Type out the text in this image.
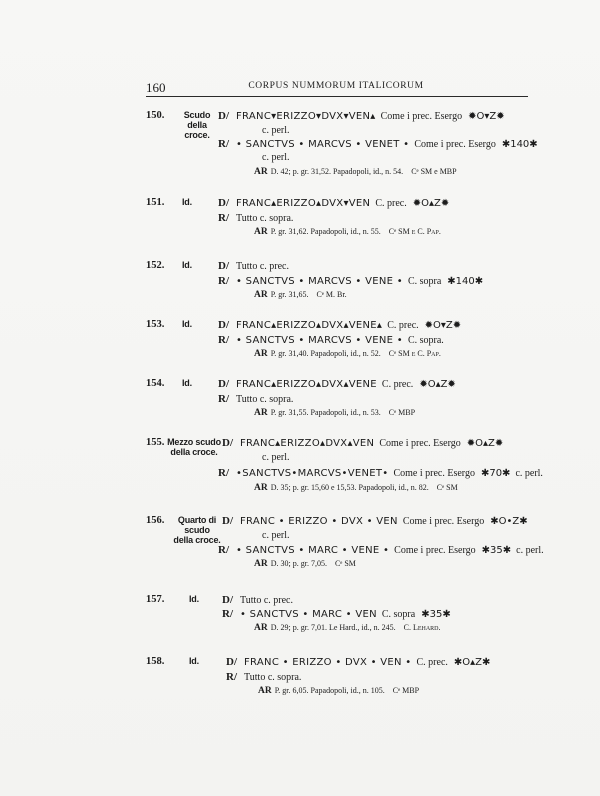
160	CORPUS NUMMORUM ITALICORUM
150.	Scudo
della croce.
D/ FRANC▾ERIZZO▾DVX▾VEN▴ Come i prec. Esergo ✹O▾Z✹
c. perl.
R/ • SANCTVS • MARCVS • VENET • Come i prec. Esergo ✱140✱
c. perl.
AR D. 42; p. gr. 31,52. Papadopoli, id., n. 54. Cᵉ SM e MBP
151. Id. D/ FRANC▴ERIZZO▴DVX▾VEN C. prec. ✹O▴Z✹
R/ Tutto c. sopra.
AR P. gr. 31,62. Papadopoli, id., n. 55. Cᵉ SM e C. Pap.
152. Id. D/ Tutto c. prec.
R/ • SANCTVS • MARCVS • VENE • C. sopra ✱140✱
AR P. gr. 31,65. Cᵉ M. Br.
153. Id. D/ FRANC▴ERIZZO▴DVX▴VENE▴ C. prec. ✹O▾Z✹
R/ • SANCTVS • MARCVS • VENE • C. sopra.
AR P. gr. 31,40. Papadopoli, id., n. 52. Cᵉ SM e C. Pap.
154. Id. D/ FRANC▴ERIZZO▴DVX▴VENE C. prec. ✹O▴Z✹
R/ Tutto c. sopra.
AR P. gr. 31,55. Papadopoli, id., n. 53. Cᵉ MBP
155. Mezzo scudo
della croce.
D/ FRANC▴ERIZZO▴DVX▴VEN Come i prec. Esergo ✹O▴Z✹
c. perl.
R/ •SANCTVS•MARCVS•VENET• Come i prec. Esergo ✱70✱ c. perl.
AR D. 35; p. gr. 15,60 e 15,53. Papadopoli, id., n. 82. Cᵉ SM
156.	Quarto di scudo
della croce.
D/ FRANC • ERIZZO • DVX • VEN Come i prec. Esergo ✱O•Z✱
c. perl.
R/ • SANCTVS • MARC • VENE • Come i prec. Esergo ✱35✱ c. perl.
AR D. 30; p. gr. 7,05. Cᵉ SM
157.	Id. D/ Tutto c. prec.
R/ • SANCTVS • MARC • VEN C. sopra ✱35✱
AR D. 29; p. gr. 7,01. Le Hard., id., n. 245. C. Lehard.
158.	Id. D/ FRANC • ERIZZO • DVX • VEN • C. prec. ✱O▴Z✱
R/ Tutto c. sopra.
AR P. gr. 6,05. Papadopoli, id., n. 105. Cᵉ MBP
